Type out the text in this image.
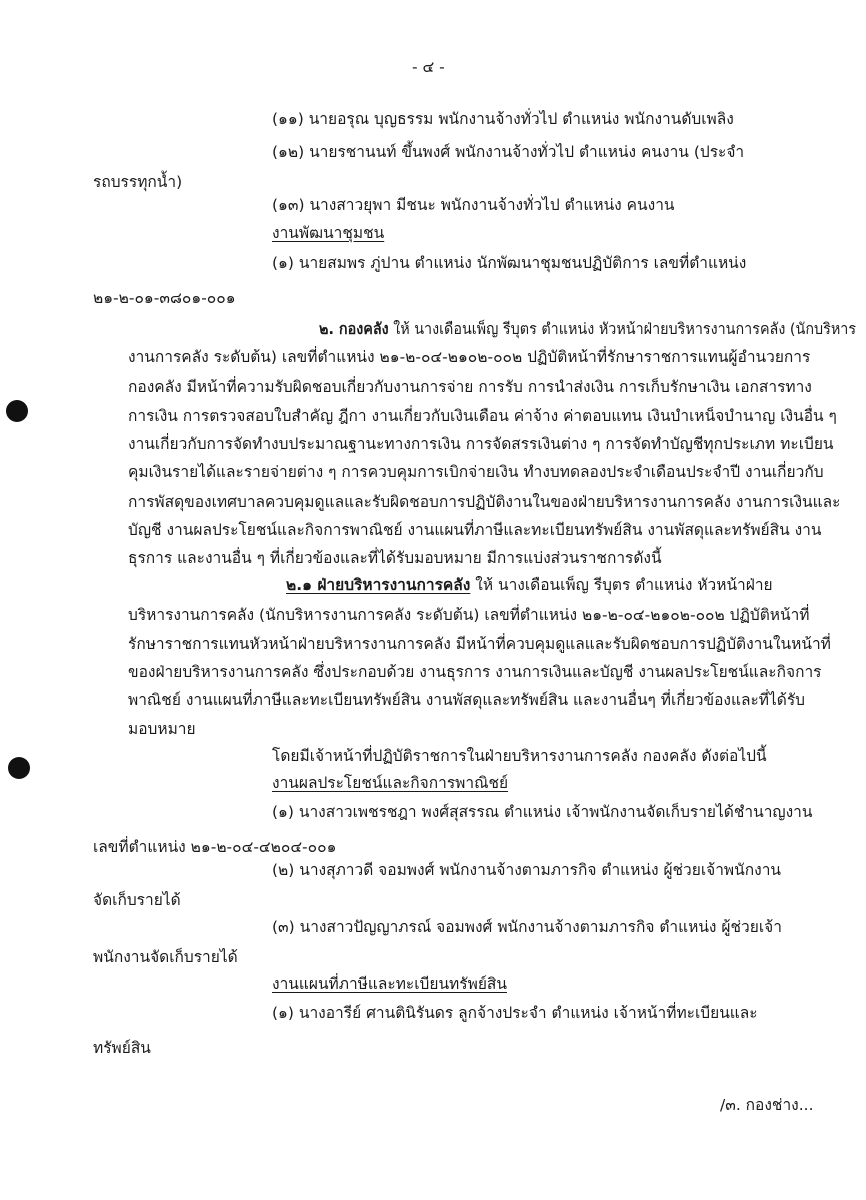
- ๔ -
(๑๑) นายอรุณ บุญธรรม พนักงานจ้างทั่วไป ตำแหน่ง พนักงานดับเพลิง
(๑๒) นายรชานนท์ ขึ้นพงศ์ พนักงานจ้างทั่วไป ตำแหน่ง คนงาน (ประจำ
รถบรรทุกน้ำ)
(๑๓) นางสาวยุพา มีชนะ พนักงานจ้างทั่วไป ตำแหน่ง คนงาน
งานพัฒนาชุมชน
(๑) นายสมพร ภู่ปาน ตำแหน่ง นักพัฒนาชุมชนปฏิบัติการ เลขที่ตำแหน่ง
๒๑-๒-๐๑-๓๘๐๑-๐๐๑
๒. กองคลัง ให้ นางเดือนเพ็ญ รีบุตร ตำแหน่ง หัวหน้าฝ่ายบริหารงานการคลัง (นักบริหาร
งานการคลัง ระดับต้น) เลขที่ตำแหน่ง ๒๑-๒-๐๔-๒๑๐๒-๐๐๒ ปฏิบัติหน้าที่รักษาราชการแทนผู้อำนวยการ
กองคลัง มีหน้าที่ความรับผิดชอบเกี่ยวกับงานการจ่าย การรับ การนำส่งเงิน การเก็บรักษาเงิน เอกสารทาง
การเงิน การตรวจสอบใบสำคัญ ฎีกา งานเกี่ยวกับเงินเดือน ค่าจ้าง ค่าตอบแทน เงินบำเหน็จบำนาญ เงินอื่น ๆ
งานเกี่ยวกับการจัดทำงบประมาณฐานะทางการเงิน การจัดสรรเงินต่าง ๆ การจัดทำบัญชีทุกประเภท ทะเบียน
คุมเงินรายได้และรายจ่ายต่าง ๆ การควบคุมการเบิกจ่ายเงิน ทำงบทดลองประจำเดือนประจำปี งานเกี่ยวกับ
การพัสดุของเทศบาลควบคุมดูแลและรับผิดชอบการปฏิบัติงานในของฝ่ายบริหารงานการคลัง งานการเงินและ
บัญชี งานผลประโยชน์และกิจการพาณิชย์ งานแผนที่ภาษีและทะเบียนทรัพย์สิน งานพัสดุและทรัพย์สิน งาน
ธุรการ และงานอื่น ๆ ที่เกี่ยวข้องและที่ได้รับมอบหมาย มีการแบ่งส่วนราชการดังนี้
๒.๑ ฝ่ายบริหารงานการคลัง ให้ นางเดือนเพ็ญ รีบุตร ตำแหน่ง หัวหน้าฝ่าย
บริหารงานการคลัง (นักบริหารงานการคลัง ระดับต้น) เลขที่ตำแหน่ง ๒๑-๒-๐๔-๒๑๐๒-๐๐๒ ปฏิบัติหน้าที่
รักษาราชการแทนหัวหน้าฝ่ายบริหารงานการคลัง มีหน้าที่ควบคุมดูแลและรับผิดชอบการปฏิบัติงานในหน้าที่
ของฝ่ายบริหารงานการคลัง ซึ่งประกอบด้วย งานธุรการ งานการเงินและบัญชี งานผลประโยชน์และกิจการ
พาณิชย์ งานแผนที่ภาษีและทะเบียนทรัพย์สิน งานพัสดุและทรัพย์สิน และงานอื่นๆ ที่เกี่ยวข้องและที่ได้รับ
มอบหมาย
โดยมีเจ้าหน้าที่ปฏิบัติราชการในฝ่ายบริหารงานการคลัง กองคลัง ดังต่อไปนี้
งานผลประโยชน์และกิจการพาณิชย์
(๑) นางสาวเพชรชฎา พงศ์สุสรรณ ตำแหน่ง เจ้าพนักงานจัดเก็บรายได้ชำนาญงาน
เลขที่ตำแหน่ง ๒๑-๒-๐๔-๔๒๐๔-๐๐๑
(๒) นางสุภาวดี จอมพงศ์ พนักงานจ้างตามภารกิจ ตำแหน่ง ผู้ช่วยเจ้าพนักงาน
จัดเก็บรายได้
(๓) นางสาวปัญญาภรณ์ จอมพงศ์ พนักงานจ้างตามภารกิจ ตำแหน่ง ผู้ช่วยเจ้า
พนักงานจัดเก็บรายได้
งานแผนที่ภาษีและทะเบียนทรัพย์สิน
(๑) นางอารีย์ ศานตินิรันดร ลูกจ้างประจำ ตำแหน่ง เจ้าหน้าที่ทะเบียนและ
ทรัพย์สิน
/๓. กองช่าง...
